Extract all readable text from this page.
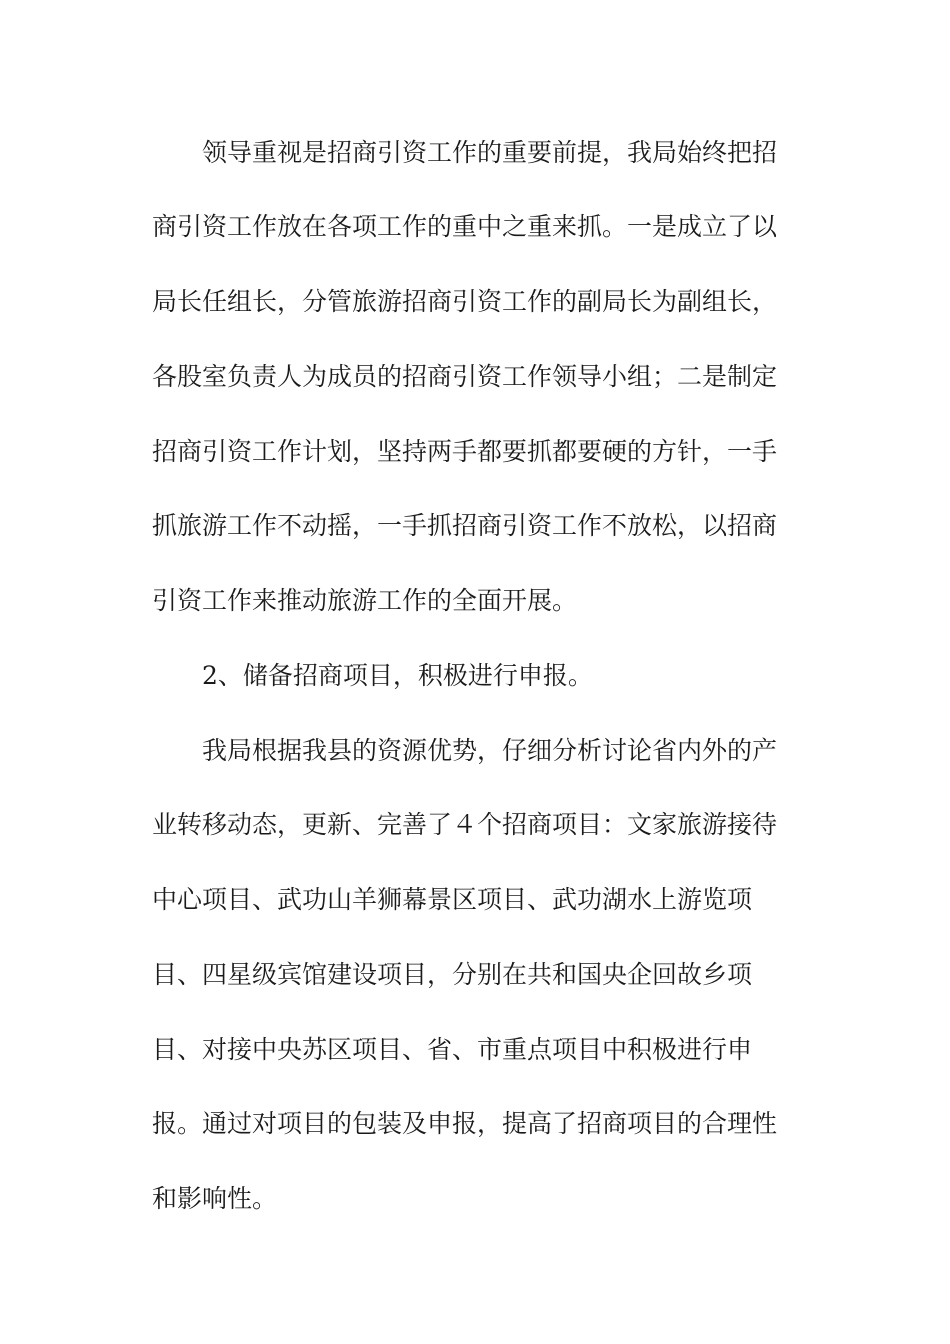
领导重视是招商引资工作的重要前提，我局始终把招
商引资工作放在各项工作的重中之重来抓。一是成立了以
局长任组长，分管旅游招商引资工作的副局长为副组长，
各股室负责人为成员的招商引资工作领导小组；二是制定
招商引资工作计划，坚持两手都要抓都要硬的方针，一手
抓旅游工作不动摇，一手抓招商引资工作不放松，以招商
引资工作来推动旅游工作的全面开展。
2、储备招商项目，积极进行申报。
我局根据我县的资源优势，仔细分析讨论省内外的产
业转移动态，更新、完善了４个招商项目：文家旅游接待
中心项目、武功山羊狮幕景区项目、武功湖水上游览项
目、四星级宾馆建设项目，分别在共和国央企回故乡项
目、对接中央苏区项目、省、市重点项目中积极进行申
报。通过对项目的包装及申报，提高了招商项目的合理性
和影响性。
